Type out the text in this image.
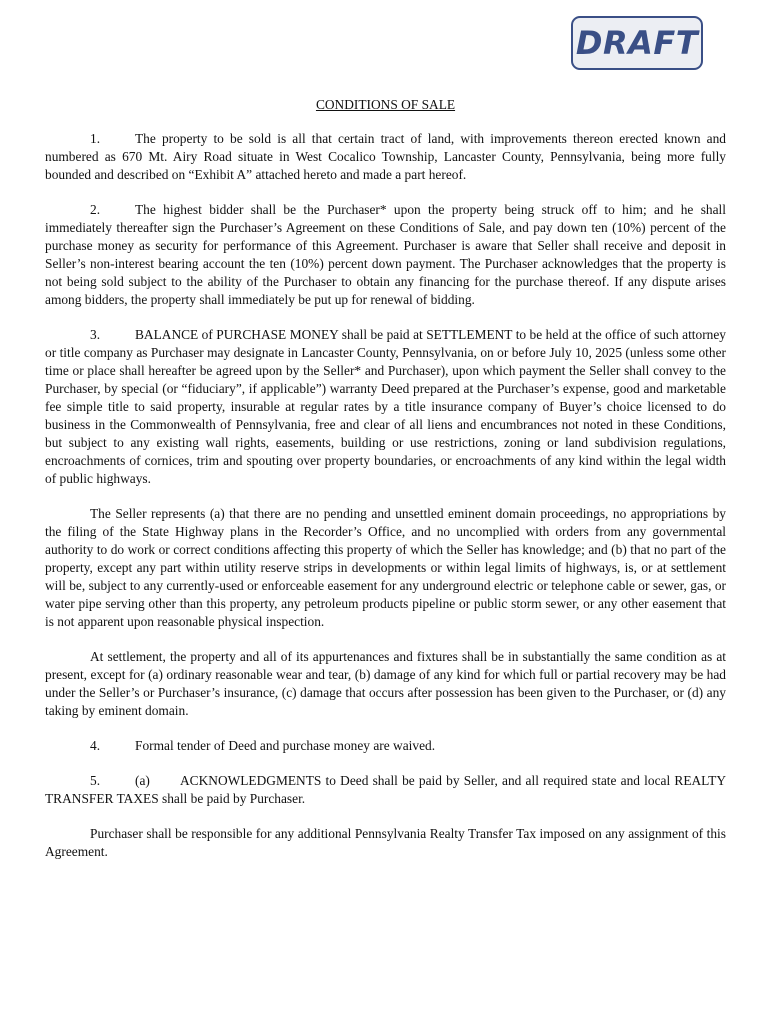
DRAFT
CONDITIONS OF SALE

1.	The property to be sold is all that certain tract of land, with improvements thereon erected known and numbered as 670 Mt. Airy Road situate in West Cocalico Township, Lancaster County, Pennsylvania, being more fully bounded and described on “Exhibit A” attached hereto and made a part hereof.

2.	The highest bidder shall be the Purchaser* upon the property being struck off to him; and he shall immediately thereafter sign the Purchaser’s Agreement on these Conditions of Sale, and pay down ten (10%) percent of the purchase money as security for performance of this Agreement. Purchaser is aware that Seller shall receive and deposit in Seller’s non-interest bearing account the ten (10%) percent down payment. The Purchaser acknowledges that the property is not being sold subject to the ability of the Purchaser to obtain any financing for the purchase thereof. If any dispute arises among bidders, the property shall immediately be put up for renewal of bidding.

3.	BALANCE of PURCHASE MONEY shall be paid at SETTLEMENT to be held at the office of such attorney or title company as Purchaser may designate in Lancaster County, Pennsylvania, on or before July 10, 2025 (unless some other time or place shall hereafter be agreed upon by the Seller* and Purchaser), upon which payment the Seller shall convey to the Purchaser, by special (or “fiduciary”, if applicable”) warranty Deed prepared at the Purchaser’s expense, good and marketable fee simple title to said property, insurable at regular rates by a title insurance company of Buyer’s choice licensed to do business in the Commonwealth of Pennsylvania, free and clear of all liens and encumbrances not noted in these Conditions, but subject to any existing wall rights, easements, building or use restrictions, zoning or land subdivision regulations, encroachments of cornices, trim and spouting over property boundaries, or encroachments of any kind within the legal width of public highways.

The Seller represents (a) that there are no pending and unsettled eminent domain proceedings, no appropriations by the filing of the State Highway plans in the Recorder’s Office, and no uncomplied with orders from any governmental authority to do work or correct conditions affecting this property of which the Seller has knowledge; and (b) that no part of the property, except any part within utility reserve strips in developments or within legal limits of highways, is, or at settlement will be, subject to any currently-used or enforceable easement for any underground electric or telephone cable or sewer, gas, or water pipe serving other than this property, any petroleum products pipeline or public storm sewer, or any other easement that is not apparent upon reasonable physical inspection.

At settlement, the property and all of its appurtenances and fixtures shall be in substantially the same condition as at present, except for (a) ordinary reasonable wear and tear, (b) damage of any kind for which full or partial recovery may be had under the Seller’s or Purchaser’s insurance, (c) damage that occurs after possession has been given to the Purchaser, or (d) any taking by eminent domain.

4.	Formal tender of Deed and purchase money are waived.

5.	(a) ACKNOWLEDGMENTS to Deed shall be paid by Seller, and all required state and local REALTY TRANSFER TAXES shall be paid by Purchaser.

Purchaser shall be responsible for any additional Pennsylvania Realty Transfer Tax imposed on any assignment of this Agreement.
